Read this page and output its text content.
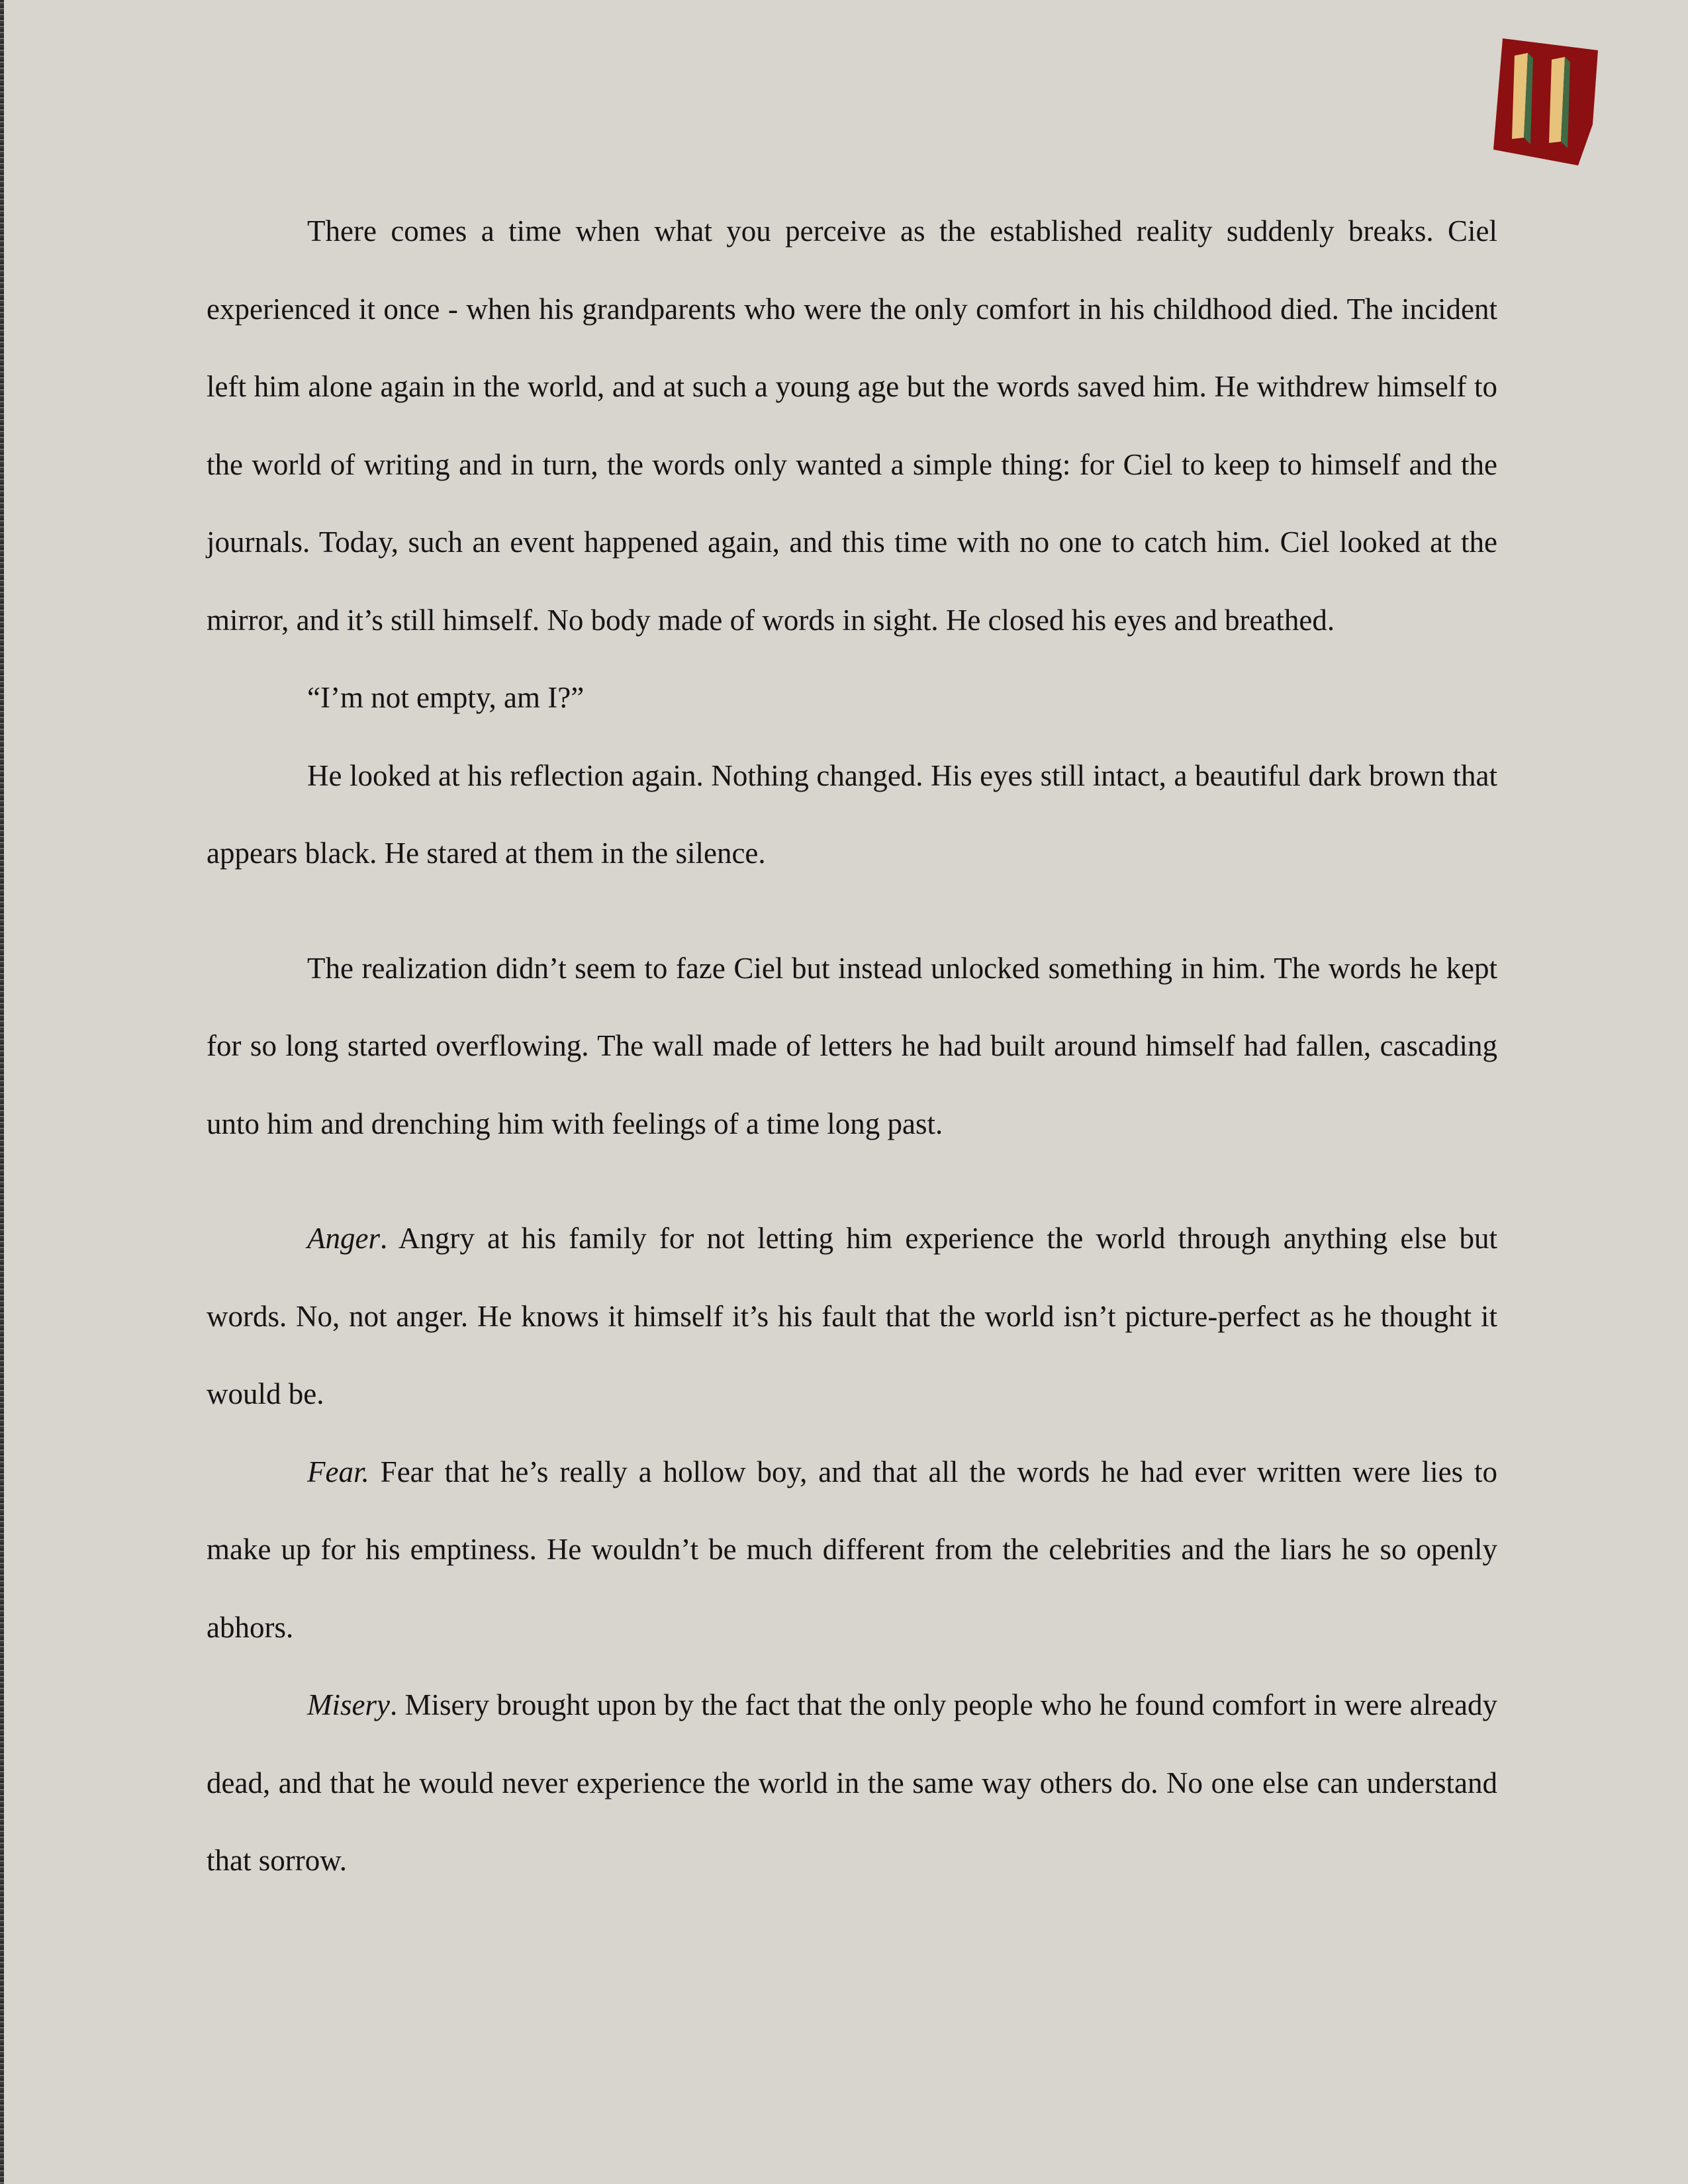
There comes a time when what you perceive as the established reality suddenly breaks. Ciel experienced it once - when his grandparents who were the only comfort in his childhood died. The incident left him alone again in the world, and at such a young age but the words saved him. He withdrew himself to the world of writing and in turn, the words only wanted a simple thing: for Ciel to keep to himself and the journals. Today, such an event happened again, and this time with no one to catch him. Ciel looked at the mirror, and it’s still himself. No body made of words in sight. He closed his eyes and breathed.

“I’m not empty, am I?”

He looked at his reflection again. Nothing changed. His eyes still intact, a beautiful dark brown that appears black. He stared at them in the silence.

The realization didn’t seem to faze Ciel but instead unlocked something in him. The words he kept for so long started overflowing. The wall made of letters he had built around himself had fallen, cascading unto him and drenching him with feelings of a time long past.

Anger. Angry at his family for not letting him experience the world through anything else but words. No, not anger. He knows it himself it’s his fault that the world isn’t picture-perfect as he thought it would be.

Fear. Fear that he’s really a hollow boy, and that all the words he had ever written were lies to make up for his emptiness. He wouldn’t be much different from the celebrities and the liars he so openly abhors.

Misery. Misery brought upon by the fact that the only people who he found comfort in were already dead, and that he would never experience the world in the same way others do. No one else can understand that sorrow.
